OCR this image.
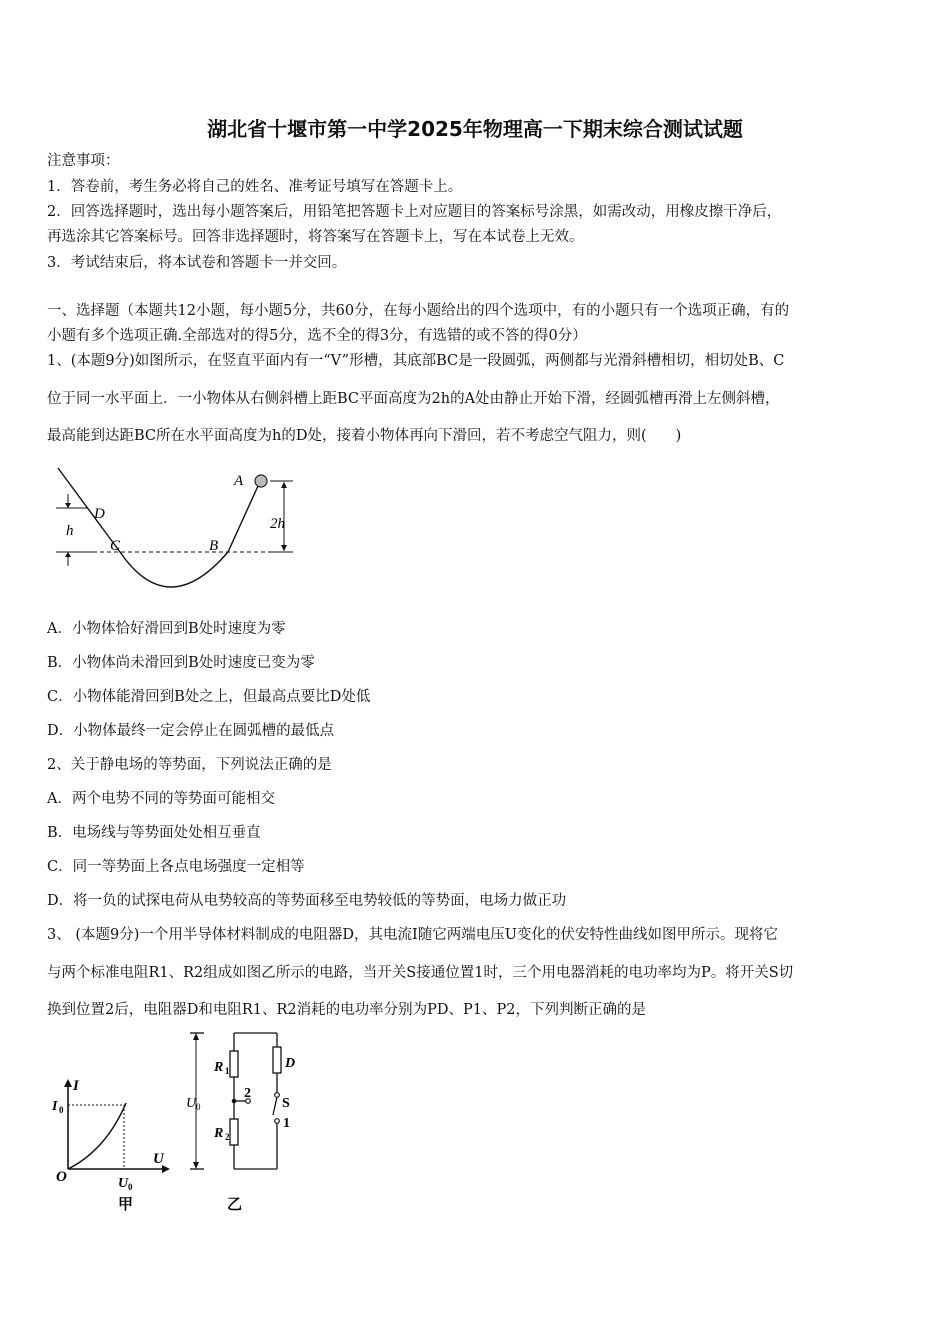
湖北省十堰市第一中学2025年物理高一下期末综合测试试题
注意事项：
1．答卷前，考生务必将自己的姓名、准考证号填写在答题卡上。
2．回答选择题时，选出每小题答案后，用铅笔把答题卡上对应题目的答案标号涂黑，如需改动，用橡皮擦干净后，
再选涂其它答案标号。回答非选择题时，将答案写在答题卡上，写在本试卷上无效。
3．考试结束后，将本试卷和答题卡一并交回。
一、选择题（本题共12小题，每小题5分，共60分，在每小题给出的四个选项中，有的小题只有一个选项正确，有的
小题有多个选项正确.全部选对的得5分，选不全的得3分，有选错的或不答的得0分）
1、(本题9分)如图所示，在竖直平面内有一“V”形槽，其底部BC是一段圆弧，两侧都与光滑斜槽相切，相切处B、C
位于同一水平面上．一小物体从右侧斜槽上距BC平面高度为2h的A处由静止开始下滑，经圆弧槽再滑上左侧斜槽，
最高能到达距BC所在水平面高度为h的D处，接着小物体再向下滑回，若不考虑空气阻力，则(　　)
A
D
h
C	B
2h
A．小物体恰好滑回到B处时速度为零
B．小物体尚未滑回到B处时速度已变为零
C．小物体能滑回到B处之上，但最高点要比D处低
D．小物体最终一定会停止在圆弧槽的最低点
2、关于静电场的等势面，下列说法正确的是
A．两个电势不同的等势面可能相交
B．电场线与等势面处处相互垂直
C．同一等势面上各点电场强度一定相等
D．将一负的试探电荷从电势较高的等势面移至电势较低的等势面，电场力做正功
3、 (本题9分)一个用半导体材料制成的电阻器D，其电流I随它两端电压U变化的伏安特性曲线如图甲所示。现将它
与两个标准电阻R1、R2组成如图乙所示的电路，当开关S接通位置1时，三个用电器消耗的电功率均为P。将开关S切
换到位置2后，电阻器D和电阻R1、R2消耗的电功率分别为PD、P1、P2，下列判断正确的是
I
I 0
O
U
U 0
甲
U 0
R 1
R 2
D
S
2
1
乙
